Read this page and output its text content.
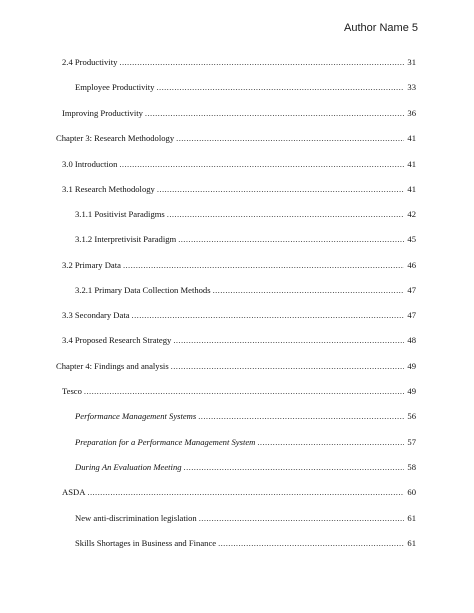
Author Name 5
2.4 Productivity .....	31
Employee Productivity .....	33
Improving Productivity .....	36
Chapter 3: Research Methodology .....	41
3.0 Introduction .....	41
3.1 Research Methodology .....	41
3.1.1 Positivist Paradigms .....	42
3.1.2 Interpretivisit Paradigm .....	45
3.2 Primary Data .....	46
3.2.1 Primary Data Collection Methods .....	47
3.3 Secondary Data .....	47
3.4 Proposed Research Strategy .....	48
Chapter 4: Findings and analysis .....	49
Tesco .....	49
Performance Management Systems .....	56
Preparation for a Performance Management System .....	57
During An Evaluation Meeting .....	58
ASDA .....	60
New anti-discrimination legislation .....	61
Skills Shortages in Business and Finance .....	61
